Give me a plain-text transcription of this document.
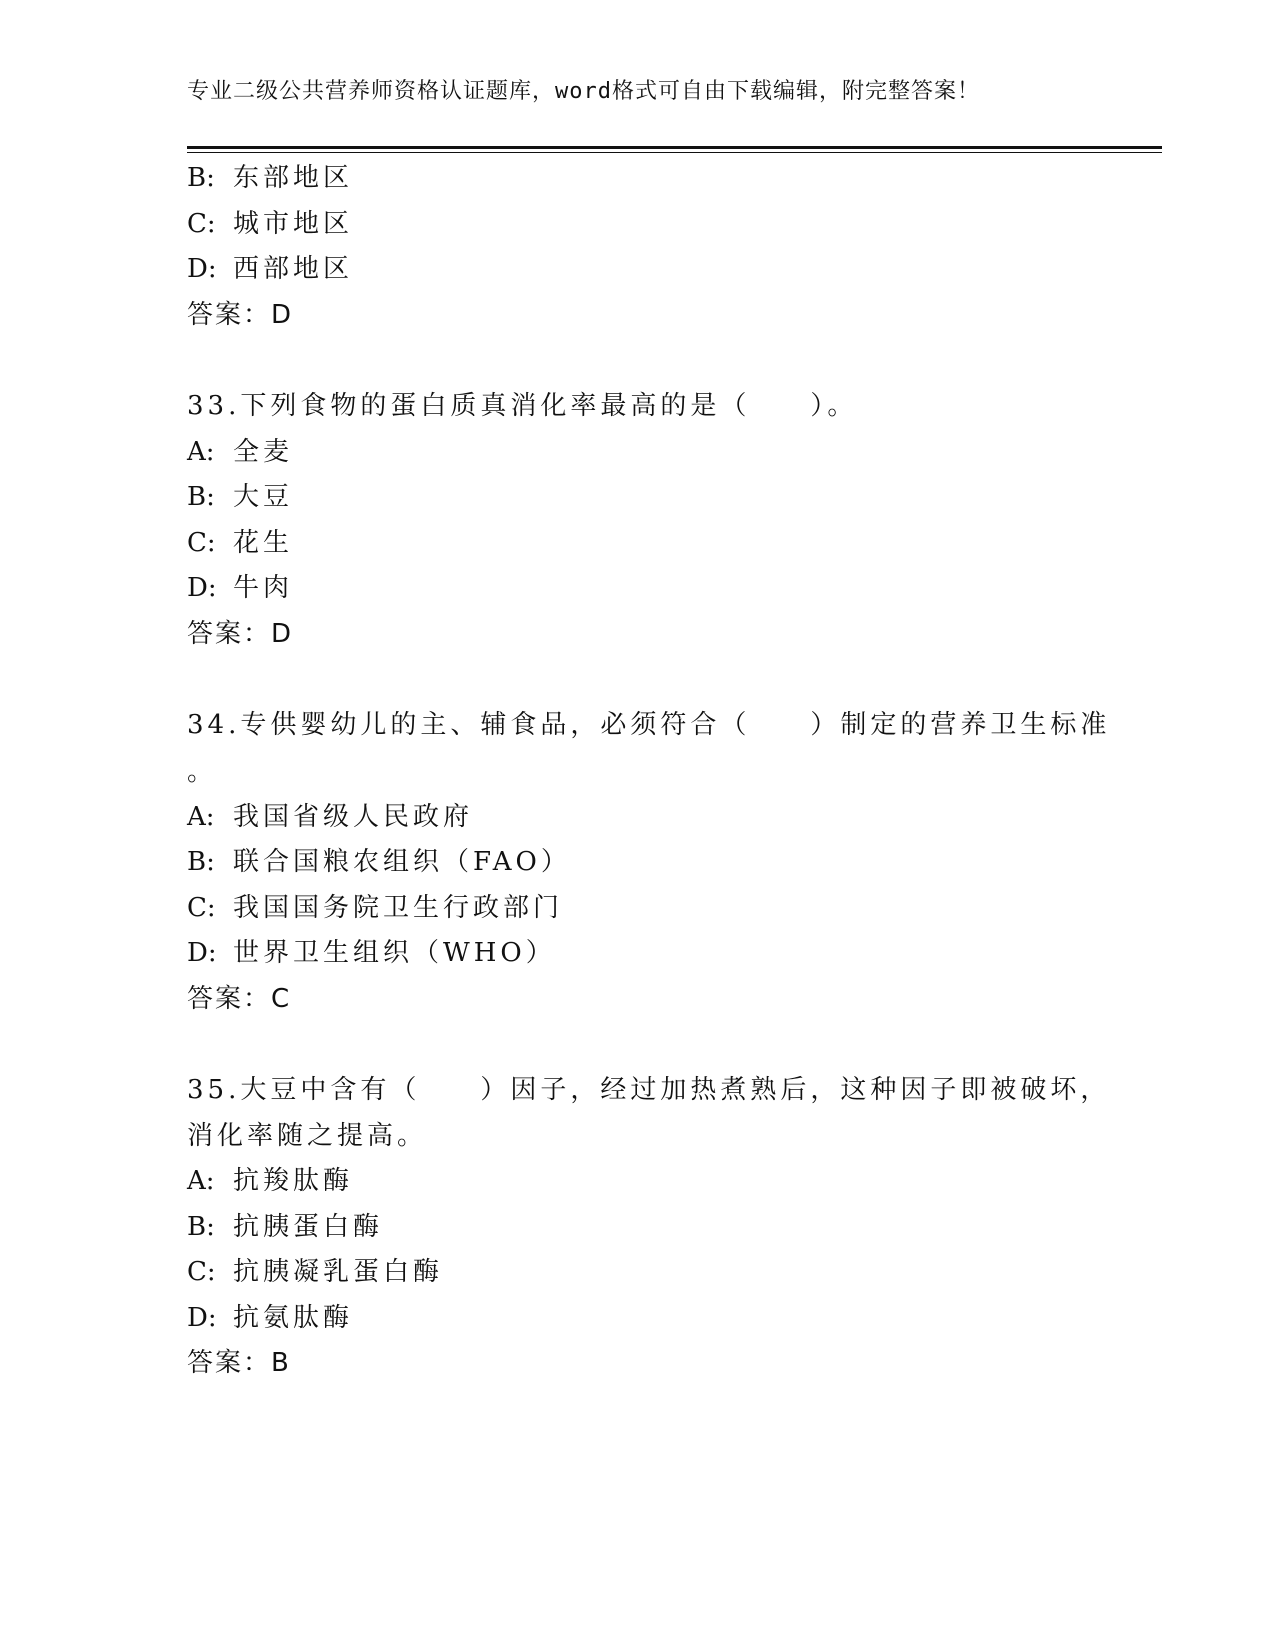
专业二级公共营养师资格认证题库，word格式可自由下载编辑，附完整答案！
B: 东部地区
C: 城市地区
D: 西部地区
答案：D
33.下列食物的蛋白质真消化率最高的是（　　）。
A: 全麦
B: 大豆
C: 花生
D: 牛肉
答案：D
34.专供婴幼儿的主、辅食品，必须符合（　　）制定的营养卫生标准
。
A: 我国省级人民政府
B: 联合国粮农组织（FAO）
C: 我国国务院卫生行政部门
D: 世界卫生组织（WHO）
答案：C
35.大豆中含有（　　）因子，经过加热煮熟后，这种因子即被破坏，
消化率随之提高。
A: 抗羧肽酶
B: 抗胰蛋白酶
C: 抗胰凝乳蛋白酶
D: 抗氨肽酶
答案：B
